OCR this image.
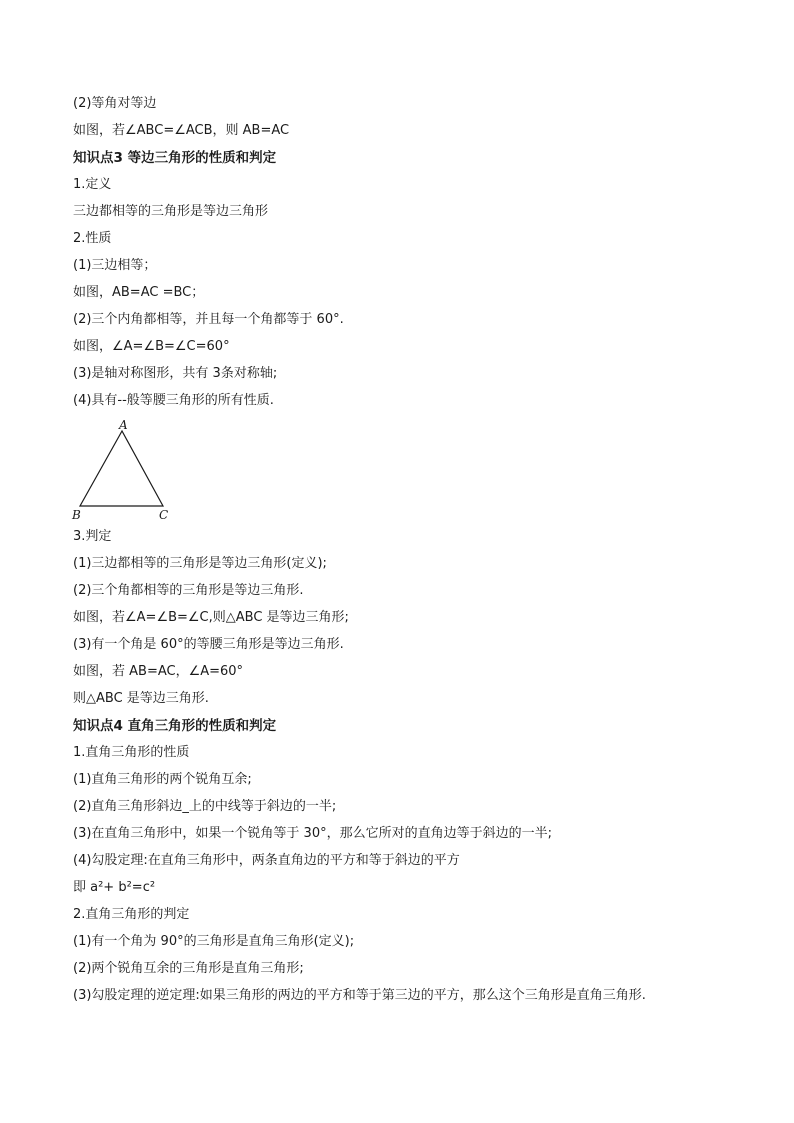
(2)等角对等边
如图，若∠ABC=∠ACB，则 AB=AC
知识点3 等边三角形的性质和判定
1.定义
三边都相等的三角形是等边三角形
2.性质
(1)三边相等；
如图，AB=AC =BC；
(2)三个内角都相等，并且每一个角都等于 60°.
如图，∠A=∠B=∠C=60°
(3)是轴对称图形，共有 3条对称轴;
(4)具有--般等腰三角形的所有性质.
A
B	C
3.判定
(1)三边都相等的三角形是等边三角形(定义);
(2)三个角都相等的三角形是等边三角形.
如图，若∠A=∠B=∠C,则△ABC 是等边三角形;
(3)有一个角是 60°的等腰三角形是等边三角形.
如图，若 AB=AC，∠A=60°
则△ABC 是等边三角形.
知识点4 直角三角形的性质和判定
1.直角三角形的性质
(1)直角三角形的两个锐角互余;
(2)直角三角形斜边_上的中线等于斜边的一半;
(3)在直角三角形中，如果一个锐角等于 30°，那么它所对的直角边等于斜边的一半;
(4)勾股定理:在直角三角形中，两条直角边的平方和等于斜边的平方
即 a²+ b²=c²
2.直角三角形的判定
(1)有一个角为 90°的三角形是直角三角形(定义);
(2)两个锐角互余的三角形是直角三角形;
(3)勾股定理的逆定理:如果三角形的两边的平方和等于第三边的平方，那么这个三角形是直角三角形.
